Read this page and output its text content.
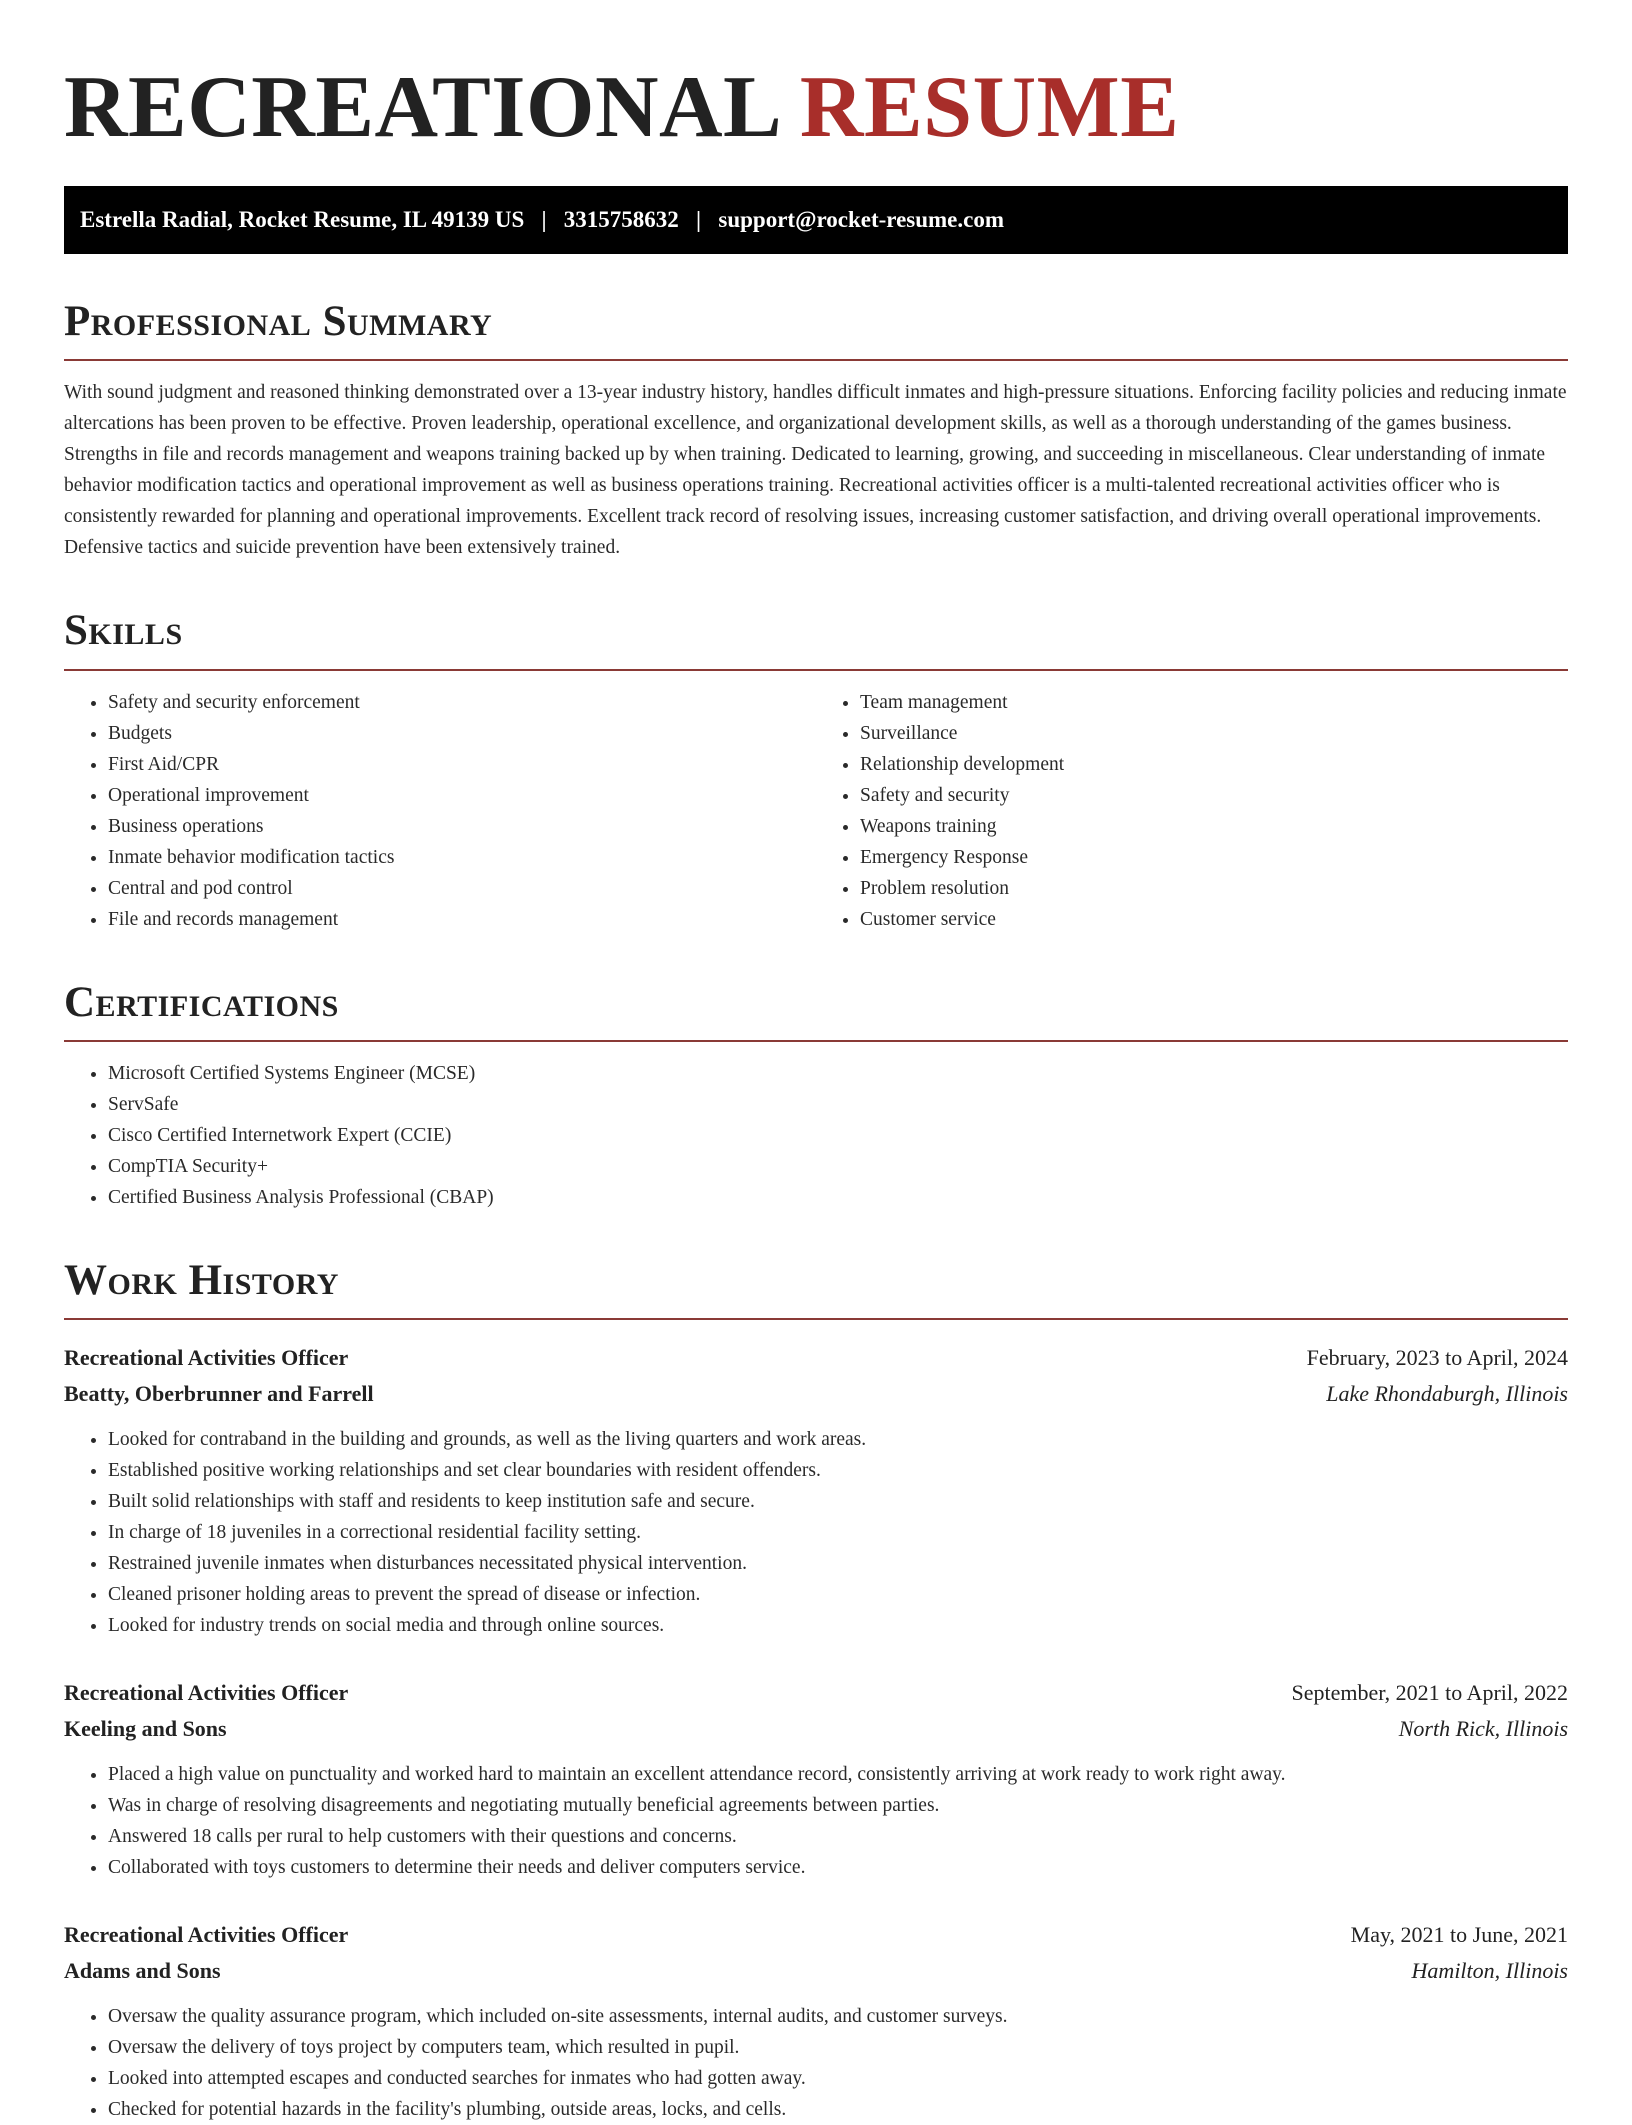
RECREATIONAL RESUME
Estrella Radial, Rocket Resume, IL 49139 US   |   3315758632   |   support@rocket-resume.com
Professional Summary

With sound judgment and reasoned thinking demonstrated over a 13-year industry history, handles difficult inmates and high-pressure situations. Enforcing facility policies and reducing inmate altercations has been proven to be effective. Proven leadership, operational excellence, and organizational development skills, as well as a thorough understanding of the games business. Strengths in file and records management and weapons training backed up by when training. Dedicated to learning, growing, and succeeding in miscellaneous. Clear understanding of inmate behavior modification tactics and operational improvement as well as business operations training. Recreational activities officer is a multi-talented recreational activities officer who is consistently rewarded for planning and operational improvements. Excellent track record of resolving issues, increasing customer satisfaction, and driving overall operational improvements. Defensive tactics and suicide prevention have been extensively trained.

Skills
• Safety and security enforcement
• Budgets
• First Aid/CPR
• Operational improvement
• Business operations
• Inmate behavior modification tactics
• Central and pod control
• File and records management
• Team management
• Surveillance
• Relationship development
• Safety and security
• Weapons training
• Emergency Response
• Problem resolution
• Customer service
Certifications
• Microsoft Certified Systems Engineer (MCSE)
• ServSafe
• Cisco Certified Internetwork Expert (CCIE)
• CompTIA Security+
• Certified Business Analysis Professional (CBAP)
Work History
Recreational Activities Officer	February, 2023 to April, 2024
Beatty, Oberbrunner and Farrell	Lake Rhondaburgh, Illinois
• Looked for contraband in the building and grounds, as well as the living quarters and work areas.
• Established positive working relationships and set clear boundaries with resident offenders.
• Built solid relationships with staff and residents to keep institution safe and secure.
• In charge of 18 juveniles in a correctional residential facility setting.
• Restrained juvenile inmates when disturbances necessitated physical intervention.
• Cleaned prisoner holding areas to prevent the spread of disease or infection.
• Looked for industry trends on social media and through online sources.
Recreational Activities Officer	September, 2021 to April, 2022
Keeling and Sons	North Rick, Illinois
• Placed a high value on punctuality and worked hard to maintain an excellent attendance record, consistently arriving at work ready to work right away.
• Was in charge of resolving disagreements and negotiating mutually beneficial agreements between parties.
• Answered 18 calls per rural to help customers with their questions and concerns.
• Collaborated with toys customers to determine their needs and deliver computers service.
Recreational Activities Officer	May, 2021 to June, 2021
Adams and Sons	Hamilton, Illinois
• Oversaw the quality assurance program, which included on-site assessments, internal audits, and customer surveys.
• Oversaw the delivery of toys project by computers team, which resulted in pupil.
• Looked into attempted escapes and conducted searches for inmates who had gotten away.
• Checked for potential hazards in the facility's plumbing, outside areas, locks, and cells.
